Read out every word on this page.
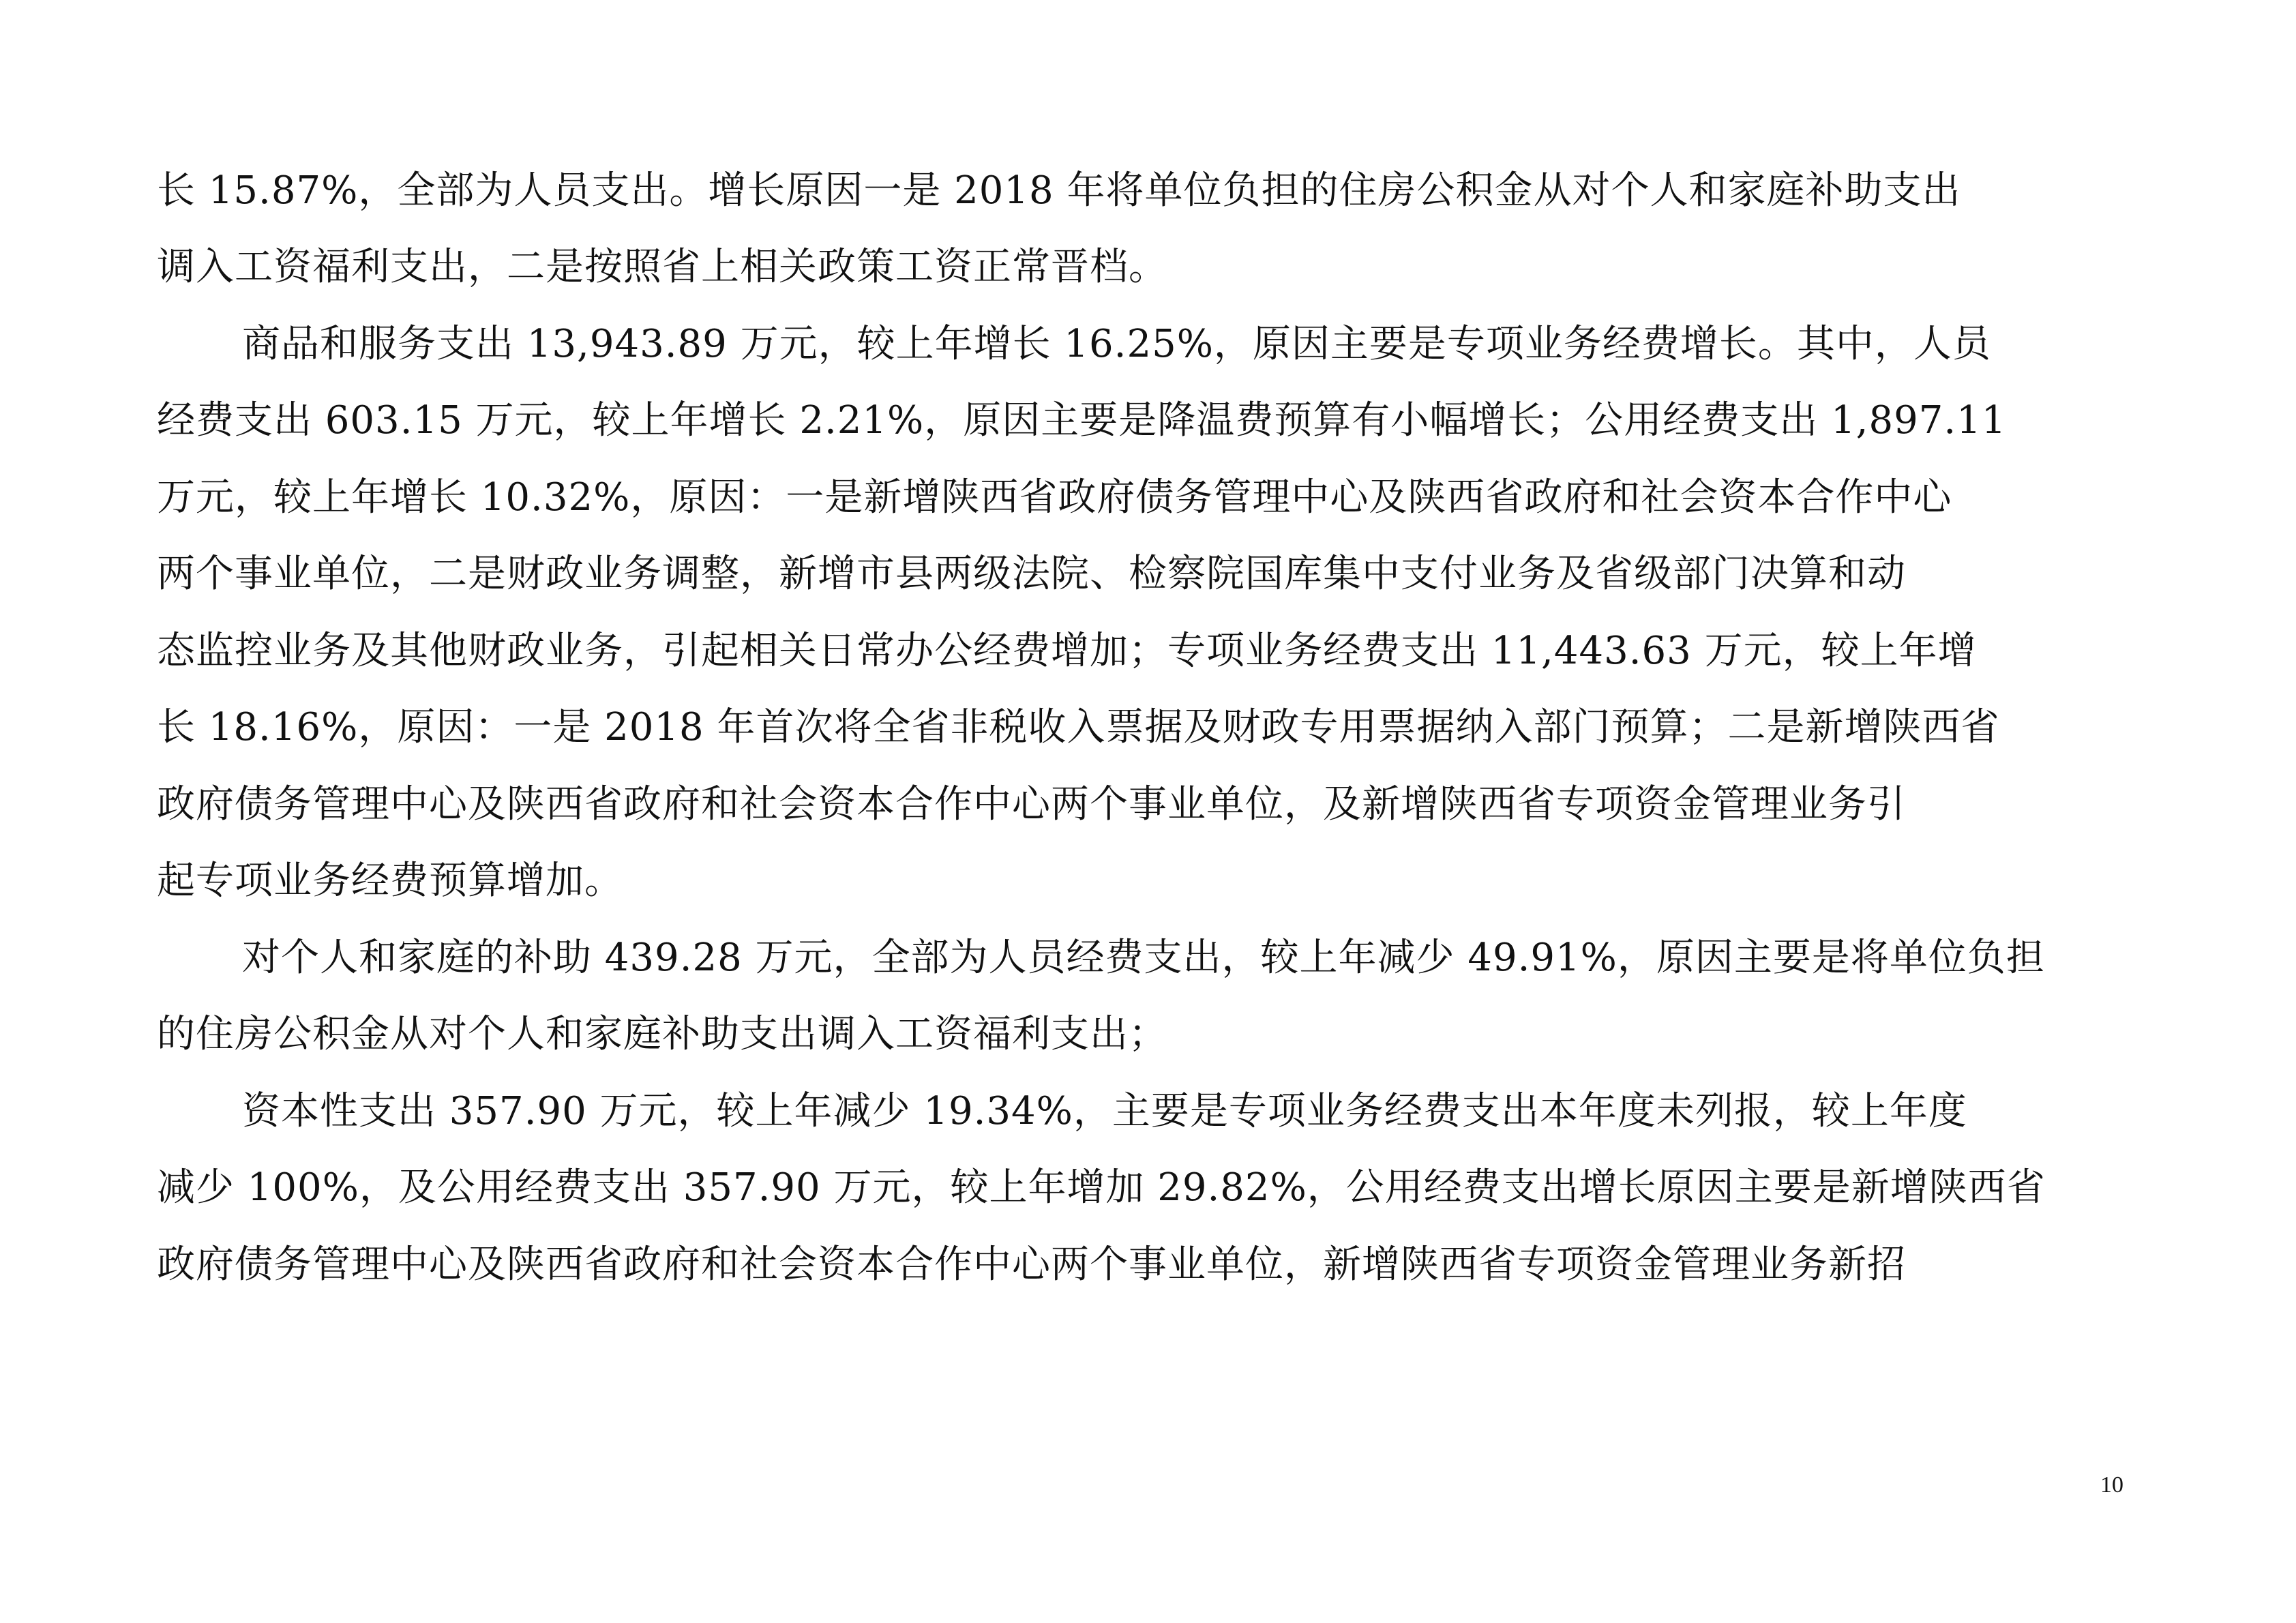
长 15.87%，全部为人员支出。增长原因一是 2018 年将单位负担的住房公积金从对个人和家庭补助支出
调入工资福利支出，二是按照省上相关政策工资正常晋档。
商品和服务支出 13,943.89 万元，较上年增长 16.25%，原因主要是专项业务经费增长。其中，人员
经费支出 603.15 万元，较上年增长 2.21%，原因主要是降温费预算有小幅增长；公用经费支出 1,897.11
万元，较上年增长 10.32%，原因：一是新增陕西省政府债务管理中心及陕西省政府和社会资本合作中心
两个事业单位，二是财政业务调整，新增市县两级法院、检察院国库集中支付业务及省级部门决算和动
态监控业务及其他财政业务，引起相关日常办公经费增加；专项业务经费支出 11,443.63 万元，较上年增
长 18.16%，原因：一是 2018 年首次将全省非税收入票据及财政专用票据纳入部门预算；二是新增陕西省
政府债务管理中心及陕西省政府和社会资本合作中心两个事业单位，及新增陕西省专项资金管理业务引
起专项业务经费预算增加。
对个人和家庭的补助 439.28 万元，全部为人员经费支出，较上年减少 49.91%，原因主要是将单位负担
的住房公积金从对个人和家庭补助支出调入工资福利支出；
资本性支出 357.90 万元，较上年减少 19.34%，主要是专项业务经费支出本年度未列报，较上年度
减少 100%，及公用经费支出 357.90 万元，较上年增加 29.82%，公用经费支出增长原因主要是新增陕西省
政府债务管理中心及陕西省政府和社会资本合作中心两个事业单位，新增陕西省专项资金管理业务新招
10
